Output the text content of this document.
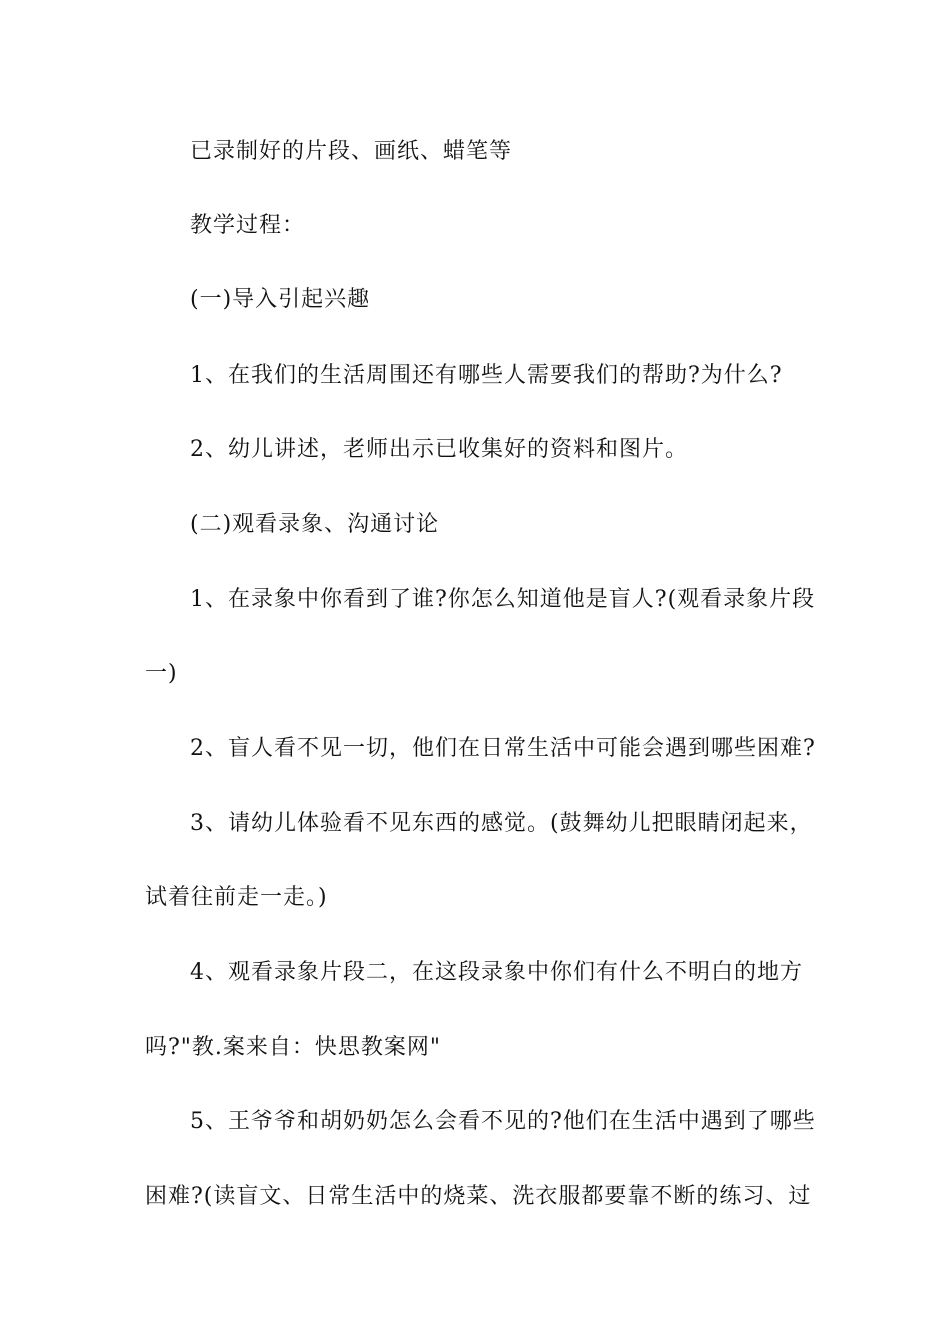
已录制好的片段、画纸、蜡笔等
教学过程：
(一)导入引起兴趣
1、在我们的生活周围还有哪些人需要我们的帮助?为什么?
2、幼儿讲述，老师出示已收集好的资料和图片。
(二)观看录象、沟通讨论
1、在录象中你看到了谁?你怎么知道他是盲人?(观看录象片段
一)
2、盲人看不见一切，他们在日常生活中可能会遇到哪些困难?
3、请幼儿体验看不见东西的感觉。(鼓舞幼儿把眼睛闭起来，
试着往前走一走。)
4、观看录象片段二，在这段录象中你们有什么不明白的地方
吗?"教.案来自：快思教案网"
5、王爷爷和胡奶奶怎么会看不见的?他们在生活中遇到了哪些
困难?(读盲文、日常生活中的烧菜、洗衣服都要靠不断的练习、过
